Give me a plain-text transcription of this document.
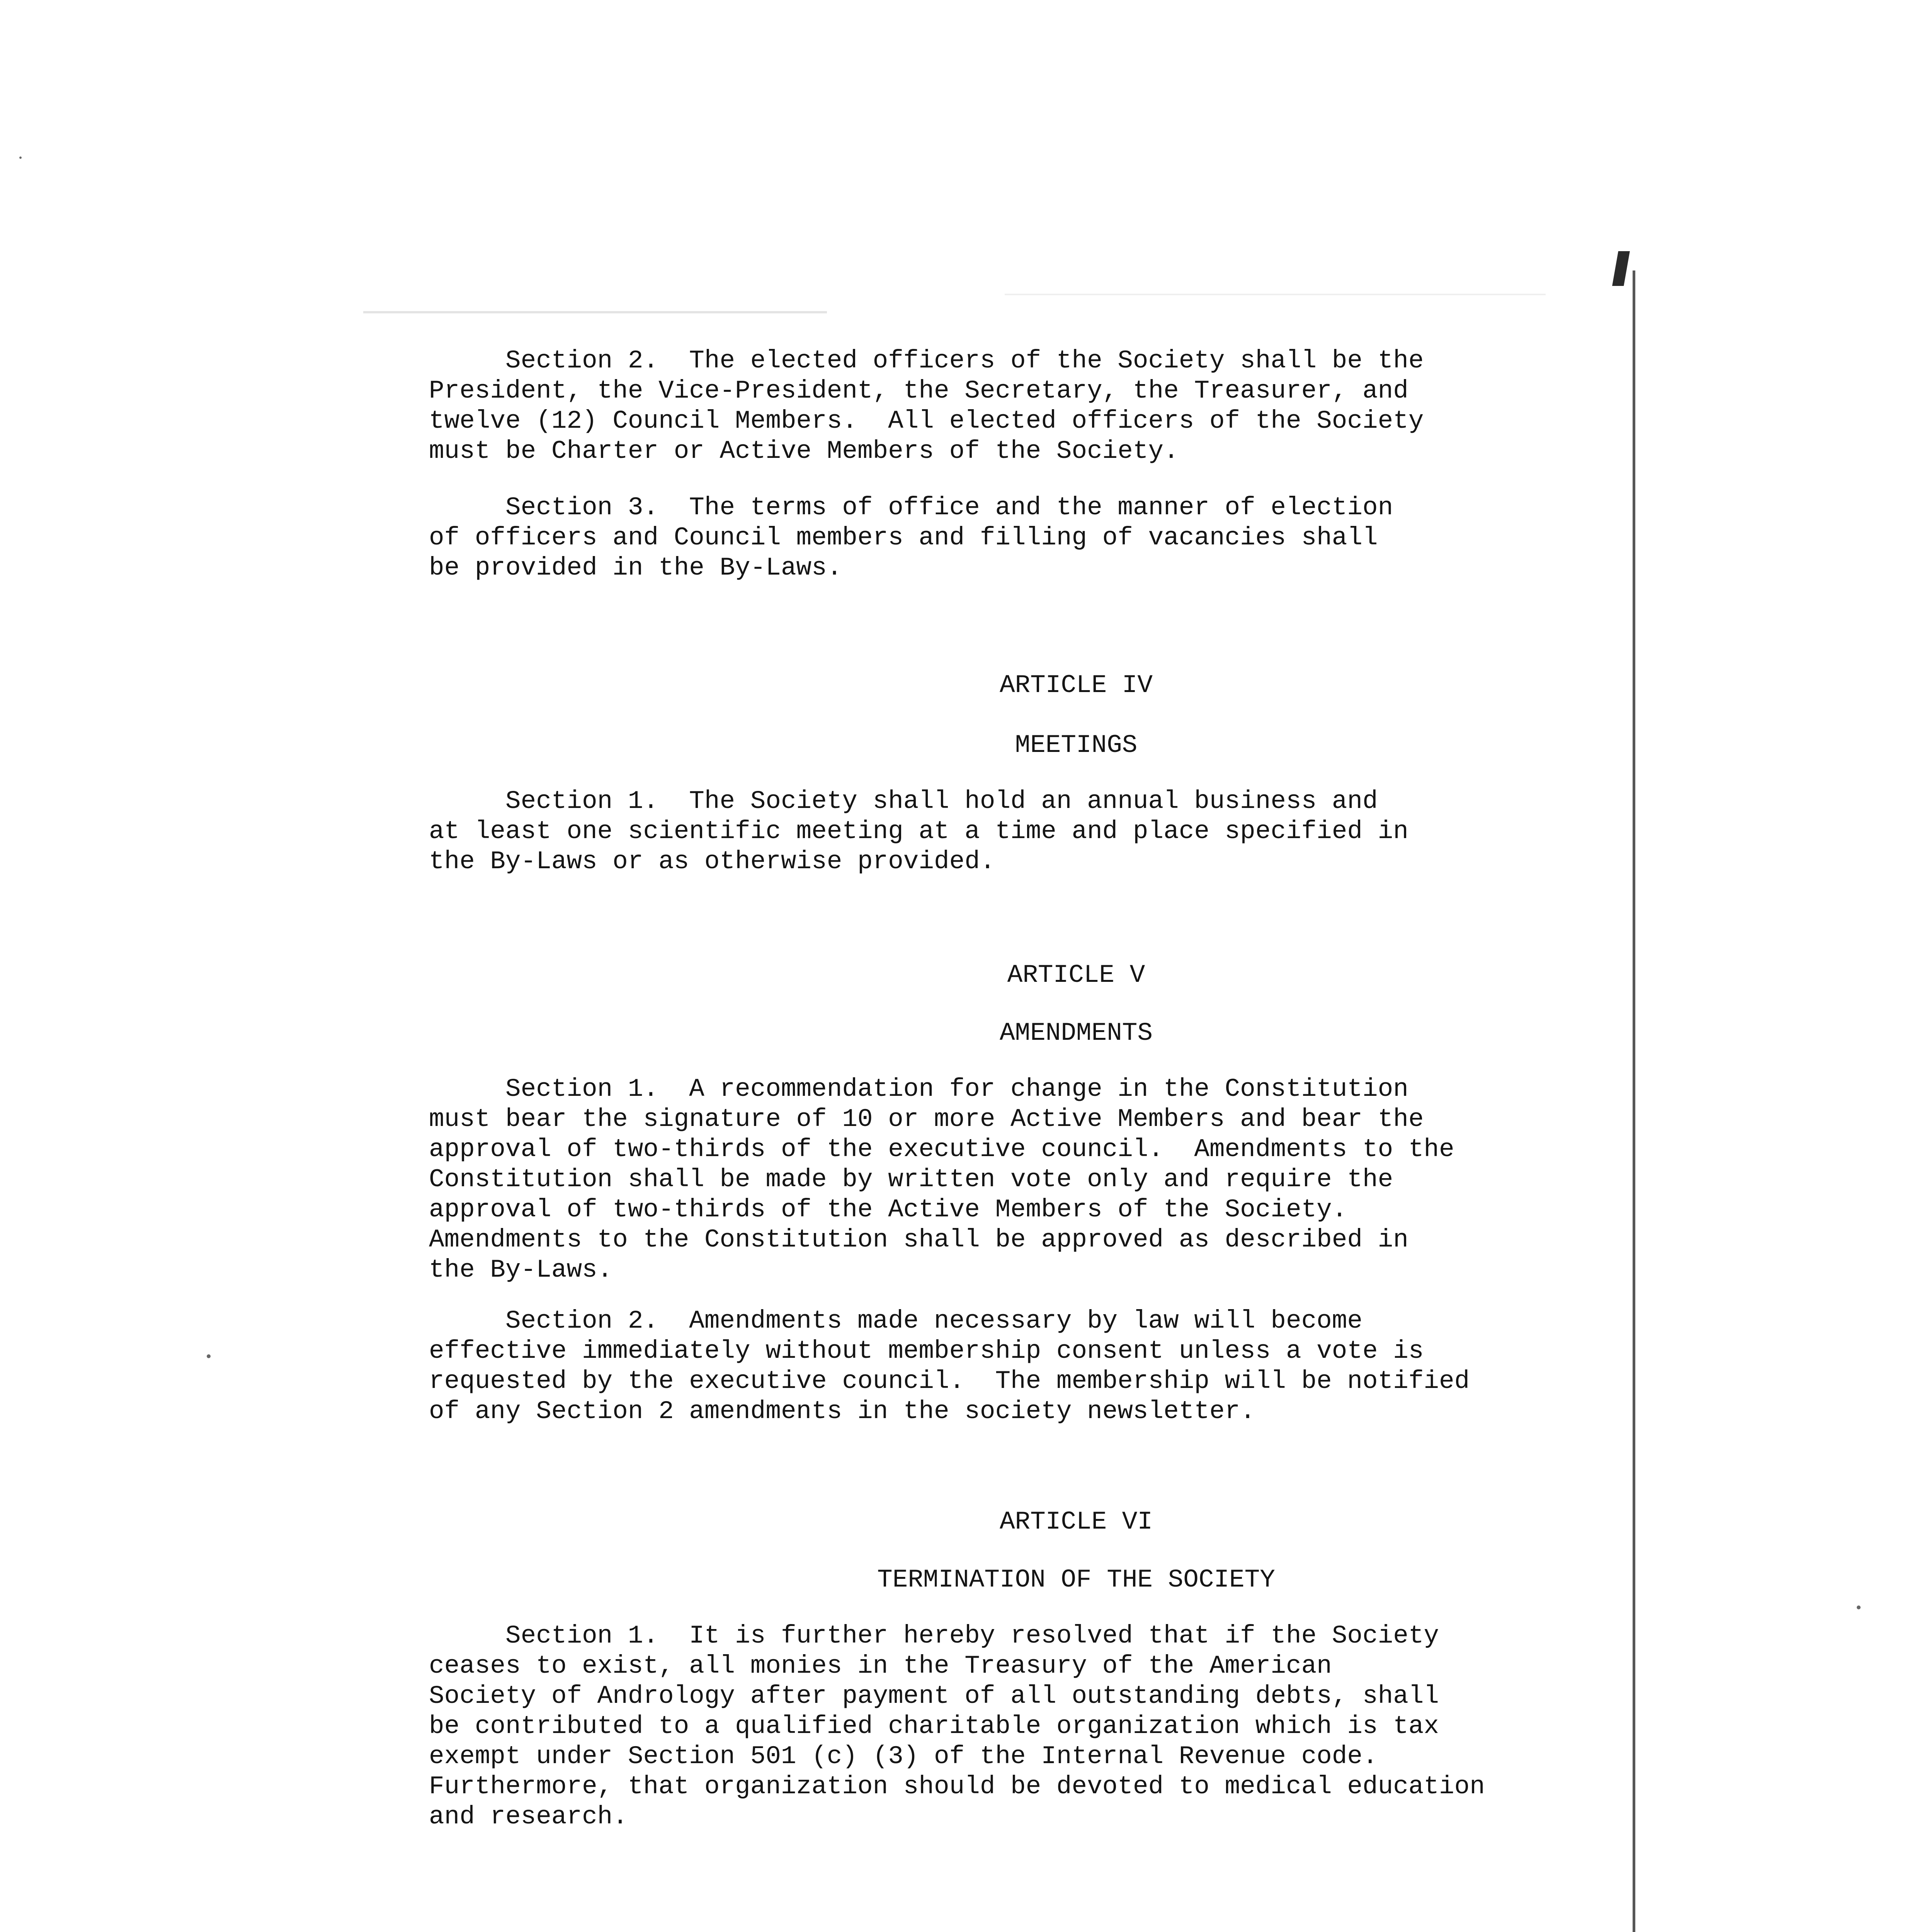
Section 2.  The elected officers of the Society shall be the
President, the Vice-President, the Secretary, the Treasurer, and
twelve (12) Council Members.  All elected officers of the Society
must be Charter or Active Members of the Society.
Section 3.  The terms of office and the manner of election
of officers and Council members and filling of vacancies shall
be provided in the By-Laws.

ARTICLE IV

MEETINGS

Section 1.  The Society shall hold an annual business and
at least one scientific meeting at a time and place specified in
the By-Laws or as otherwise provided.

ARTICLE V

AMENDMENTS

Section 1.  A recommendation for change in the Constitution
must bear the signature of 10 or more Active Members and bear the
approval of two-thirds of the executive council.  Amendments to the
Constitution shall be made by written vote only and require the
approval of two-thirds of the Active Members of the Society.
Amendments to the Constitution shall be approved as described in
the By-Laws.
Section 2.  Amendments made necessary by law will become
effective immediately without membership consent unless a vote is
requested by the executive council.  The membership will be notified
of any Section 2 amendments in the society newsletter.

ARTICLE VI

TERMINATION OF THE SOCIETY

Section 1.  It is further hereby resolved that if the Society
ceases to exist, all monies in the Treasury of the American
Society of Andrology after payment of all outstanding debts, shall
be contributed to a qualified charitable organization which is tax
exempt under Section 501 (c) (3) of the Internal Revenue code.
Furthermore, that organization should be devoted to medical education
and research.
